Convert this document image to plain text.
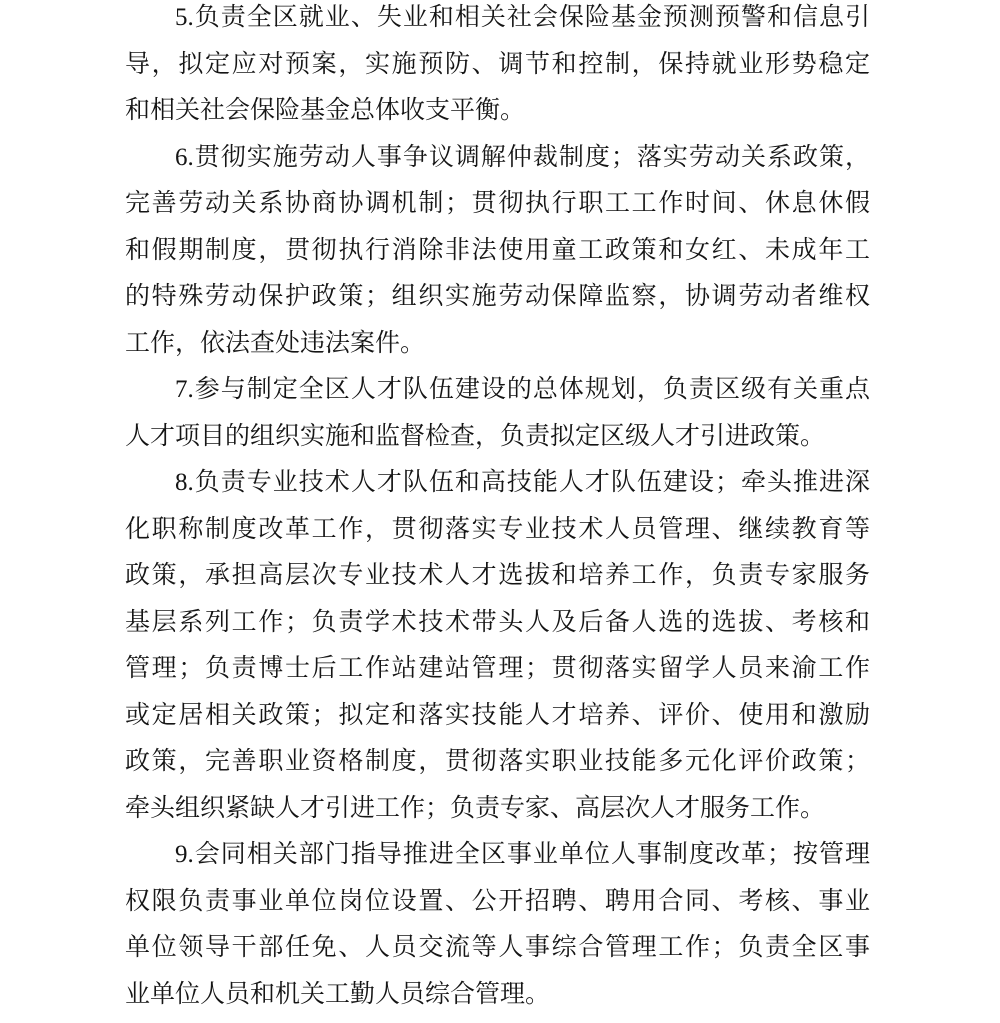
5.负责全区就业、失业和相关社会保险基金预测预警和信息引
导，拟定应对预案，实施预防、调节和控制，保持就业形势稳定
和相关社会保险基金总体收支平衡。
6.贯彻实施劳动人事争议调解仲裁制度；落实劳动关系政策，
完善劳动关系协商协调机制；贯彻执行职工工作时间、休息休假
和假期制度，贯彻执行消除非法使用童工政策和女红、未成年工
的特殊劳动保护政策；组织实施劳动保障监察，协调劳动者维权
工作，依法查处违法案件。
7.参与制定全区人才队伍建设的总体规划，负责区级有关重点
人才项目的组织实施和监督检查，负责拟定区级人才引进政策。
8.负责专业技术人才队伍和高技能人才队伍建设；牵头推进深
化职称制度改革工作，贯彻落实专业技术人员管理、继续教育等
政策，承担高层次专业技术人才选拔和培养工作，负责专家服务
基层系列工作；负责学术技术带头人及后备人选的选拔、考核和
管理；负责博士后工作站建站管理；贯彻落实留学人员来渝工作
或定居相关政策；拟定和落实技能人才培养、评价、使用和激励
政策，完善职业资格制度，贯彻落实职业技能多元化评价政策；
牵头组织紧缺人才引进工作；负责专家、高层次人才服务工作。
9.会同相关部门指导推进全区事业单位人事制度改革；按管理
权限负责事业单位岗位设置、公开招聘、聘用合同、考核、事业
单位领导干部任免、人员交流等人事综合管理工作；负责全区事
业单位人员和机关工勤人员综合管理。
